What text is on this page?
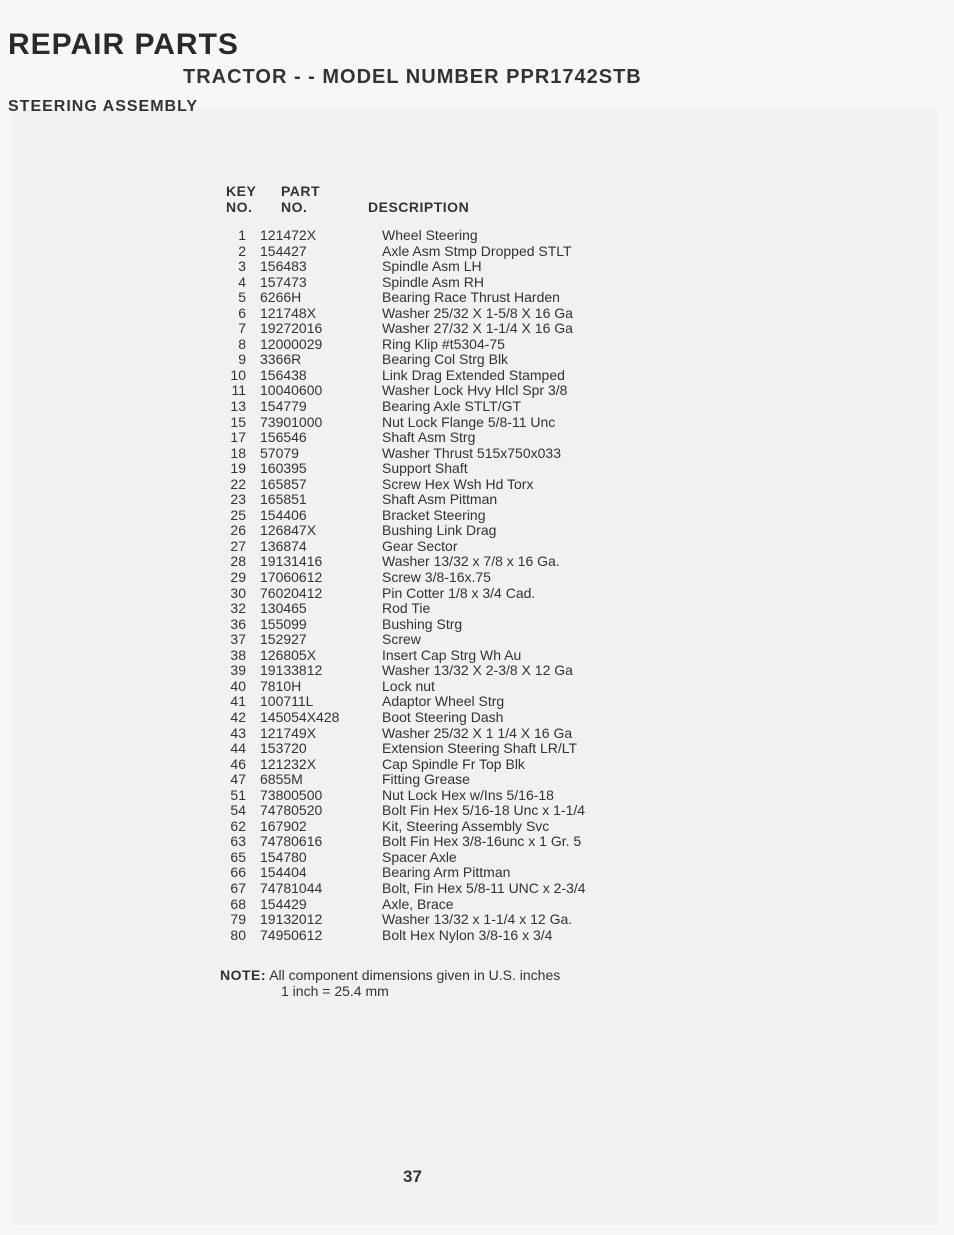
REPAIR PARTS
TRACTOR - - MODEL NUMBER PPR1742STB
STEERING ASSEMBLY
KEY
NO.
PART
NO.	DESCRIPTION
1	121472X	Wheel Steering
2	154427	Axle Asm Stmp Dropped STLT
3	156483	Spindle Asm LH
4	157473	Spindle Asm RH
5	6266H	Bearing Race Thrust Harden
6	121748X	Washer 25/32 X 1-5/8 X 16 Ga
7	19272016	Washer 27/32 X 1-1/4 X 16 Ga
8	12000029	Ring Klip #t5304-75
9	3366R	Bearing Col Strg Blk
10	156438	Link Drag Extended Stamped
11	10040600	Washer Lock Hvy Hlcl Spr 3/8
13	154779	Bearing Axle STLT/GT
15	73901000	Nut Lock Flange 5/8-11 Unc
17	156546	Shaft Asm Strg
18	57079	Washer Thrust 515x750x033
19	160395	Support Shaft
22	165857	Screw Hex Wsh Hd Torx
23	165851	Shaft Asm Pittman
25	154406	Bracket Steering
26	126847X	Bushing Link Drag
27	136874	Gear Sector
28	19131416	Washer 13/32 x 7/8 x 16 Ga.
29	17060612	Screw 3/8-16x.75
30	76020412	Pin Cotter 1/8 x 3/4 Cad.
32	130465	Rod Tie
36	155099	Bushing Strg
37	152927	Screw
38	126805X	Insert Cap Strg Wh Au
39	19133812	Washer 13/32 X 2-3/8 X 12 Ga
40	7810H	Lock nut
41	100711L	Adaptor Wheel Strg
42	145054X428	Boot Steering Dash
43	121749X	Washer 25/32 X 1 1/4 X 16 Ga
44	153720	Extension Steering Shaft LR/LT
46	121232X	Cap Spindle Fr Top Blk
47	6855M	Fitting Grease
51	73800500	Nut Lock Hex w/Ins 5/16-18
54	74780520	Bolt Fin Hex 5/16-18 Unc x 1-1/4
62	167902	Kit, Steering Assembly Svc
63	74780616	Bolt Fin Hex 3/8-16unc x 1 Gr. 5
65	154780	Spacer Axle
66	154404	Bearing Arm Pittman
67	74781044	Bolt, Fin Hex 5/8-11 UNC x 2-3/4
68	154429	Axle, Brace
79	19132012	Washer 13/32 x 1-1/4 x 12 Ga.
80	74950612	Bolt Hex Nylon 3/8-16 x 3/4
NOTE: All component dimensions given in U.S. inches
1 inch = 25.4 mm
37
